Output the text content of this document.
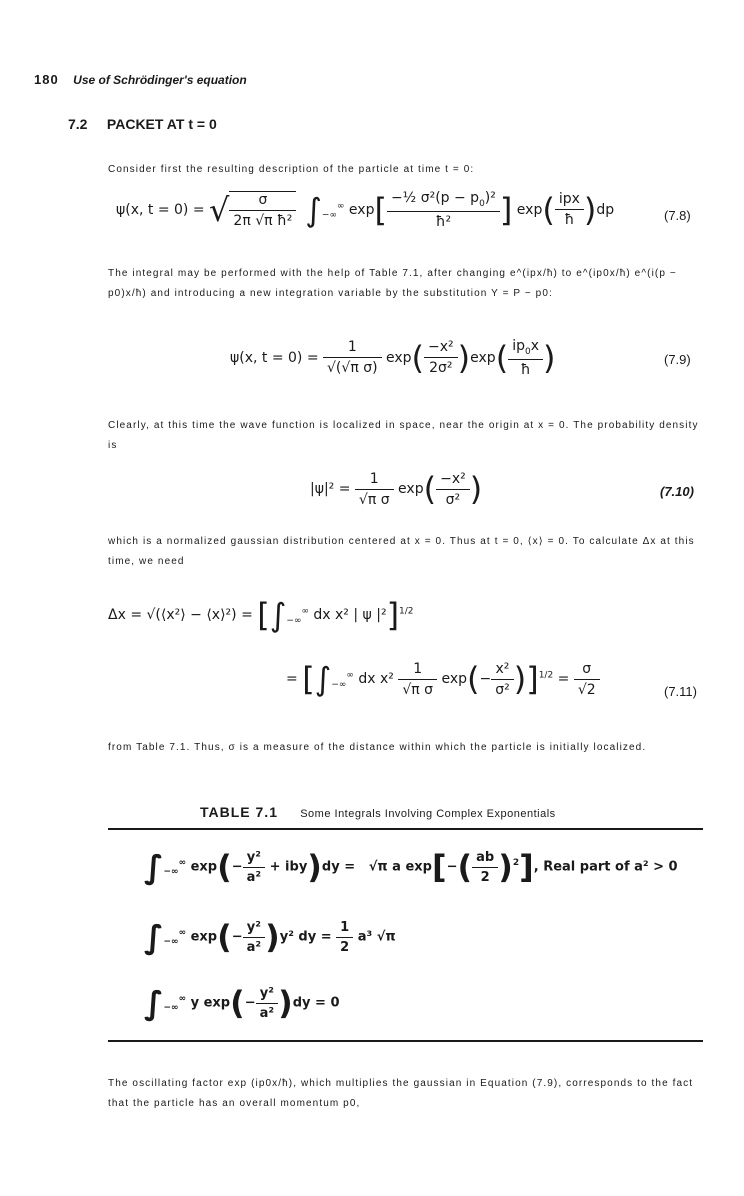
180 Use of Schrödinger's equation
7.2 PACKET AT t = 0
Consider first the resulting description of the particle at time t = 0:
ψ(x, t = 0) = √ $\frac{\sigma}{\text{2π √π ħ²}} \int_{-\infty}^\infty$ $\exp[ \frac{-\frac{1}{2} \sigma^2(p - p_0)^2}{\text{ħ²}}$ ] $\exp( \frac{\text{ipx}}{ħ} )dp$	(7.8)
The integral may be performed with the help of Table 7.1, after changing e^(ipx/ħ) to e^(ip0x/ħ) e^(i(p − p0)x/ħ) and introducing a new integration variable by the substitution Y = P − p0:
ψ(x, $t = 0) = \frac{1}{\text{√(√π σ)}} \exp( \frac{\text{−x²}}{\text{2σ²}} )\exp( \frac{ip_0x}{ħ}$ )	(7.9)
Clearly, at this time the wave function is localized in space, near the origin at x = 0. The probability density is
$|\psi|^2 = \frac{1}{\text{√π σ}} \exp( \frac{\text{−x²}}{\text{σ²}}$ )	(7.10)
which is a normalized gaussian distribution centered at x = 0. Thus at t = 0, ⟨x⟩ = 0. To calculate Δx at this time, we need
Δx = √(⟨x²⟩ − ⟨x⟩²) = [$\int_{-\infty}^\infty$ dx x² | ψ |²]$^{1/2}$
= [$\int_{-\infty}^\infty$ dx $x^2 \frac{1}{\text{√π σ}} \exp(- \frac{\text{x²}}{\text{σ²}} )]^{1/2} = \frac{\sigma}{√2}$	(7.11)
from Table 7.1. Thus, σ is a measure of the distance within which the particle is initially localized.
TABLE 7.1 Some Integrals Involving Complex Exponentials
$\int_{-\infty}^\infty$ $\exp(- \frac{\text{y²}}{\text{a²}} + iby)dy = √\pi$ a $\exp[-( \frac{ab}{2} )^2]$, Real part of a² > 0
$\int_{-\infty}^\infty$ $\exp(- \frac{\text{y²}}{\text{a²}} )y^2$ dy = $\frac{1}{2} a^3$ √π
$\int_{-\infty}^\infty$ y $\exp(- \frac{\text{y²}}{\text{a²}} )dy = 0$
The oscillating factor exp (ip0x/ħ), which multiplies the gaussian in Equation (7.9), corresponds to the fact that the particle has an overall momentum p0,
